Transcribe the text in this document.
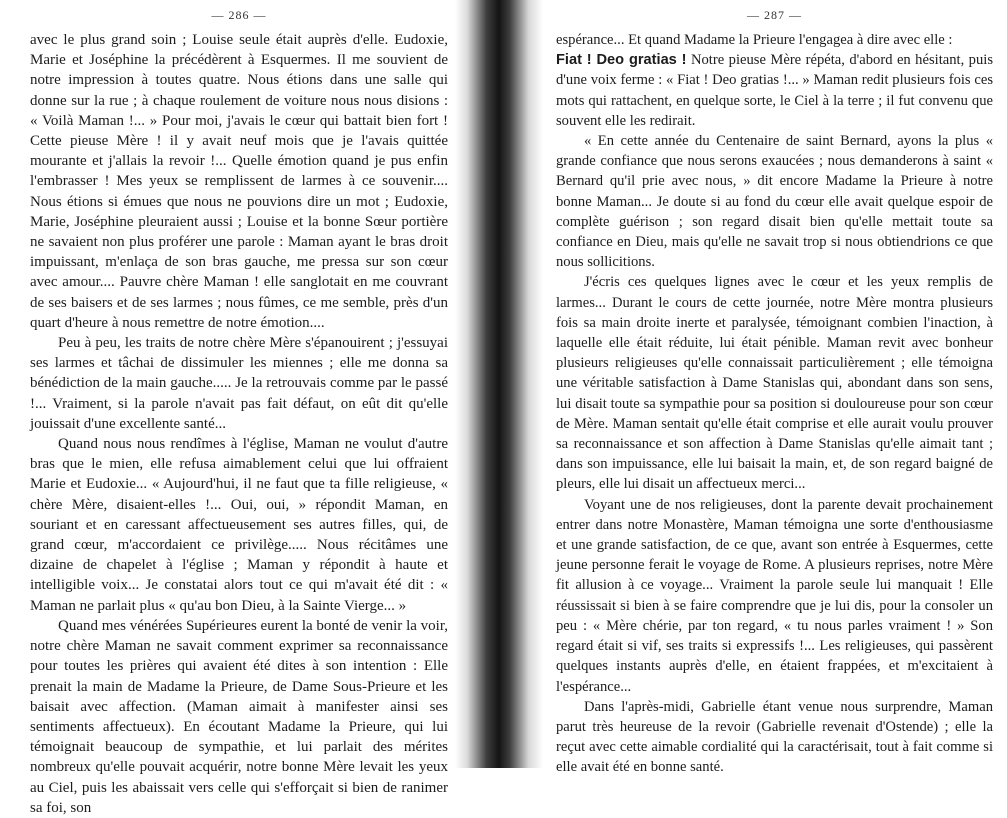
— 286 —

avec le plus grand soin ; Louise seule était auprès d'elle. Eudoxie, Marie et Joséphine la précédèrent à Esquermes. Il me souvient de notre impression à toutes quatre. Nous étions dans une salle qui donne sur la rue ; à chaque roulement de voiture nous nous disions : « Voilà Maman !... » Pour moi, j'avais le cœur qui battait bien fort ! Cette pieuse Mère ! il y avait neuf mois que je l'avais quittée mourante et j'allais la revoir !... Quelle émotion quand je pus enfin l'embrasser ! Mes yeux se remplissent de larmes à ce souvenir.... Nous étions si émues que nous ne pouvions dire un mot ; Eudoxie, Marie, Joséphine pleuraient aussi ; Louise et la bonne Sœur portière ne savaient non plus proférer une parole : Maman ayant le bras droit impuissant, m'enlaça de son bras gauche, me pressa sur son cœur avec amour.... Pauvre chère Maman ! elle sanglotait en me couvrant de ses baisers et de ses larmes ; nous fûmes, ce me semble, près d'un quart d'heure à nous remettre de notre émotion....

Peu à peu, les traits de notre chère Mère s'épanouirent ; j'essuyai ses larmes et tâchai de dissimuler les miennes ; elle me donna sa bénédiction de la main gauche..... Je la retrouvais comme par le passé !... Vraiment, si la parole n'avait pas fait défaut, on eût dit qu'elle jouissait d'une excellente santé...

Quand nous nous rendîmes à l'église, Maman ne voulut d'autre bras que le mien, elle refusa aimablement celui que lui offraient Marie et Eudoxie... « Aujourd'hui, il ne faut que ta fille religieuse, « chère Mère, disaient-elles !... Oui, oui, » répondit Maman, en souriant et en caressant affectueusement ses autres filles, qui, de grand cœur, m'accordaient ce privilège..... Nous récitâmes une dizaine de chapelet à l'église ; Maman y répondit à haute et intelligible voix... Je constatai alors tout ce qui m'avait été dit : « Maman ne parlait plus « qu'au bon Dieu, à la Sainte Vierge... »

Quand mes vénérées Supérieures eurent la bonté de venir la voir, notre chère Maman ne savait comment exprimer sa reconnaissance pour toutes les prières qui avaient été dites à son intention : Elle prenait la main de Madame la Prieure, de Dame Sous-Prieure et les baisait avec affection. (Maman aimait à manifester ainsi ses sentiments affectueux). En écoutant Madame la Prieure, qui lui témoignait beaucoup de sympathie, et lui parlait des mérites nombreux qu'elle pouvait acquérir, notre bonne Mère levait les yeux au Ciel, puis les abaissait vers celle qui s'efforçait si bien de ranimer sa foi, son

— 287 —

espérance... Et quand Madame la Prieure l'engagea à dire avec elle :
Fiat ! Deo gratias ! Notre pieuse Mère répéta, d'abord en hésitant, puis d'une voix ferme : « Fiat ! Deo gratias !... » Maman redit plusieurs fois ces mots qui rattachent, en quelque sorte, le Ciel à la terre ; il fut convenu que souvent elle les redirait.

« En cette année du Centenaire de saint Bernard, ayons la plus « grande confiance que nous serons exaucées ; nous demanderons à saint « Bernard qu'il prie avec nous, » dit encore Madame la Prieure à notre bonne Maman... Je doute si au fond du cœur elle avait quelque espoir de complète guérison ; son regard disait bien qu'elle mettait toute sa confiance en Dieu, mais qu'elle ne savait trop si nous obtiendrions ce que nous sollicitions.

J'écris ces quelques lignes avec le cœur et les yeux remplis de larmes... Durant le cours de cette journée, notre Mère montra plusieurs fois sa main droite inerte et paralysée, témoignant combien l'inaction, à laquelle elle était réduite, lui était pénible. Maman revit avec bonheur plusieurs religieuses qu'elle connaissait particulièrement ; elle témoigna une véritable satisfaction à Dame Stanislas qui, abondant dans son sens, lui disait toute sa sympathie pour sa position si douloureuse pour son cœur de Mère. Maman sentait qu'elle était comprise et elle aurait voulu prouver sa reconnaissance et son affection à Dame Stanislas qu'elle aimait tant ; dans son impuissance, elle lui baisait la main, et, de son regard baigné de pleurs, elle lui disait un affectueux merci...

Voyant une de nos religieuses, dont la parente devait prochainement entrer dans notre Monastère, Maman témoigna une sorte d'enthousiasme et une grande satisfaction, de ce que, avant son entrée à Esquermes, cette jeune personne ferait le voyage de Rome. A plusieurs reprises, notre Mère fit allusion à ce voyage... Vraiment la parole seule lui manquait ! Elle réussissait si bien à se faire comprendre que je lui dis, pour la consoler un peu : « Mère chérie, par ton regard, « tu nous parles vraiment ! » Son regard était si vif, ses traits si expressifs !... Les religieuses, qui passèrent quelques instants auprès d'elle, en étaient frappées, et m'excitaient à l'espérance...

Dans l'après-midi, Gabrielle étant venue nous surprendre, Maman parut très heureuse de la revoir (Gabrielle revenait d'Ostende) ; elle la reçut avec cette aimable cordialité qui la caractérisait, tout à fait comme si elle avait été en bonne santé.
